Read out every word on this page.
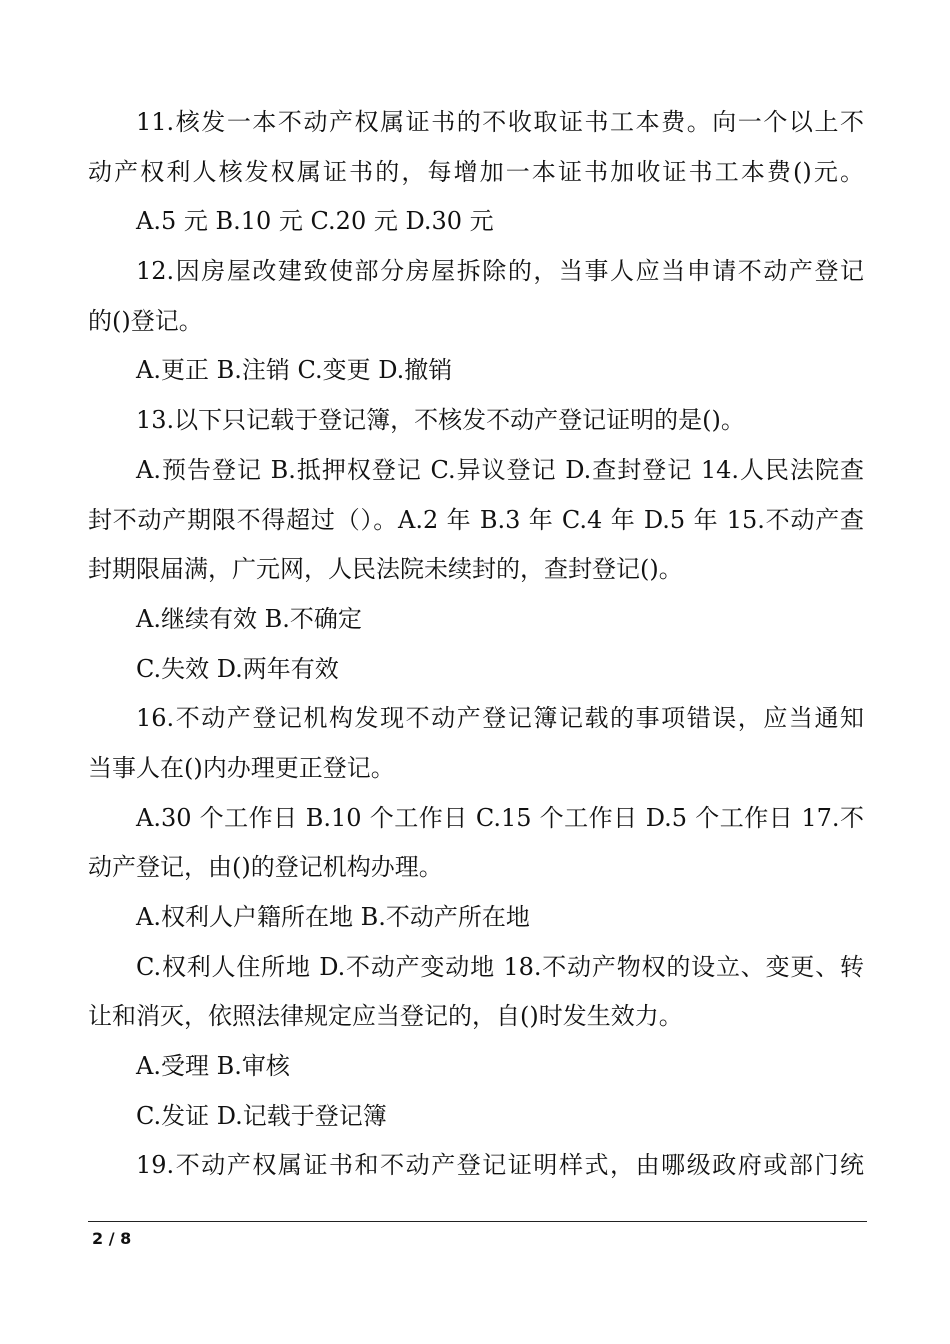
11.核发一本不动产权属证书的不收取证书工本费。向一个以上不
动产权利人核发权属证书的，每增加一本证书加收证书工本费()元。
A.5 元 B.10 元 C.20 元 D.30 元
12.因房屋改建致使部分房屋拆除的，当事人应当申请不动产登记
的()登记。
A.更正 B.注销 C.变更 D.撤销
13.以下只记载于登记簿，不核发不动产登记证明的是()。
A.预告登记 B.抵押权登记 C.异议登记 D.查封登记 14.人民法院查
封不动产期限不得超过（）。A.2 年 B.3 年 C.4 年 D.5 年 15.不动产查
封期限届满，广元网，人民法院未续封的，查封登记()。
A.继续有效 B.不确定
C.失效 D.两年有效
16.不动产登记机构发现不动产登记簿记载的事项错误，应当通知
当事人在()内办理更正登记。
A.30 个工作日 B.10 个工作日 C.15 个工作日 D.5 个工作日 17.不
动产登记，由()的登记机构办理。
A.权利人户籍所在地 B.不动产所在地
C.权利人住所地 D.不动产变动地 18.不动产物权的设立、变更、转
让和消灭，依照法律规定应当登记的，自()时发生效力。
A.受理 B.审核
C.发证 D.记载于登记簿
19.不动产权属证书和不动产登记证明样式，由哪级政府或部门统
2 / 8
